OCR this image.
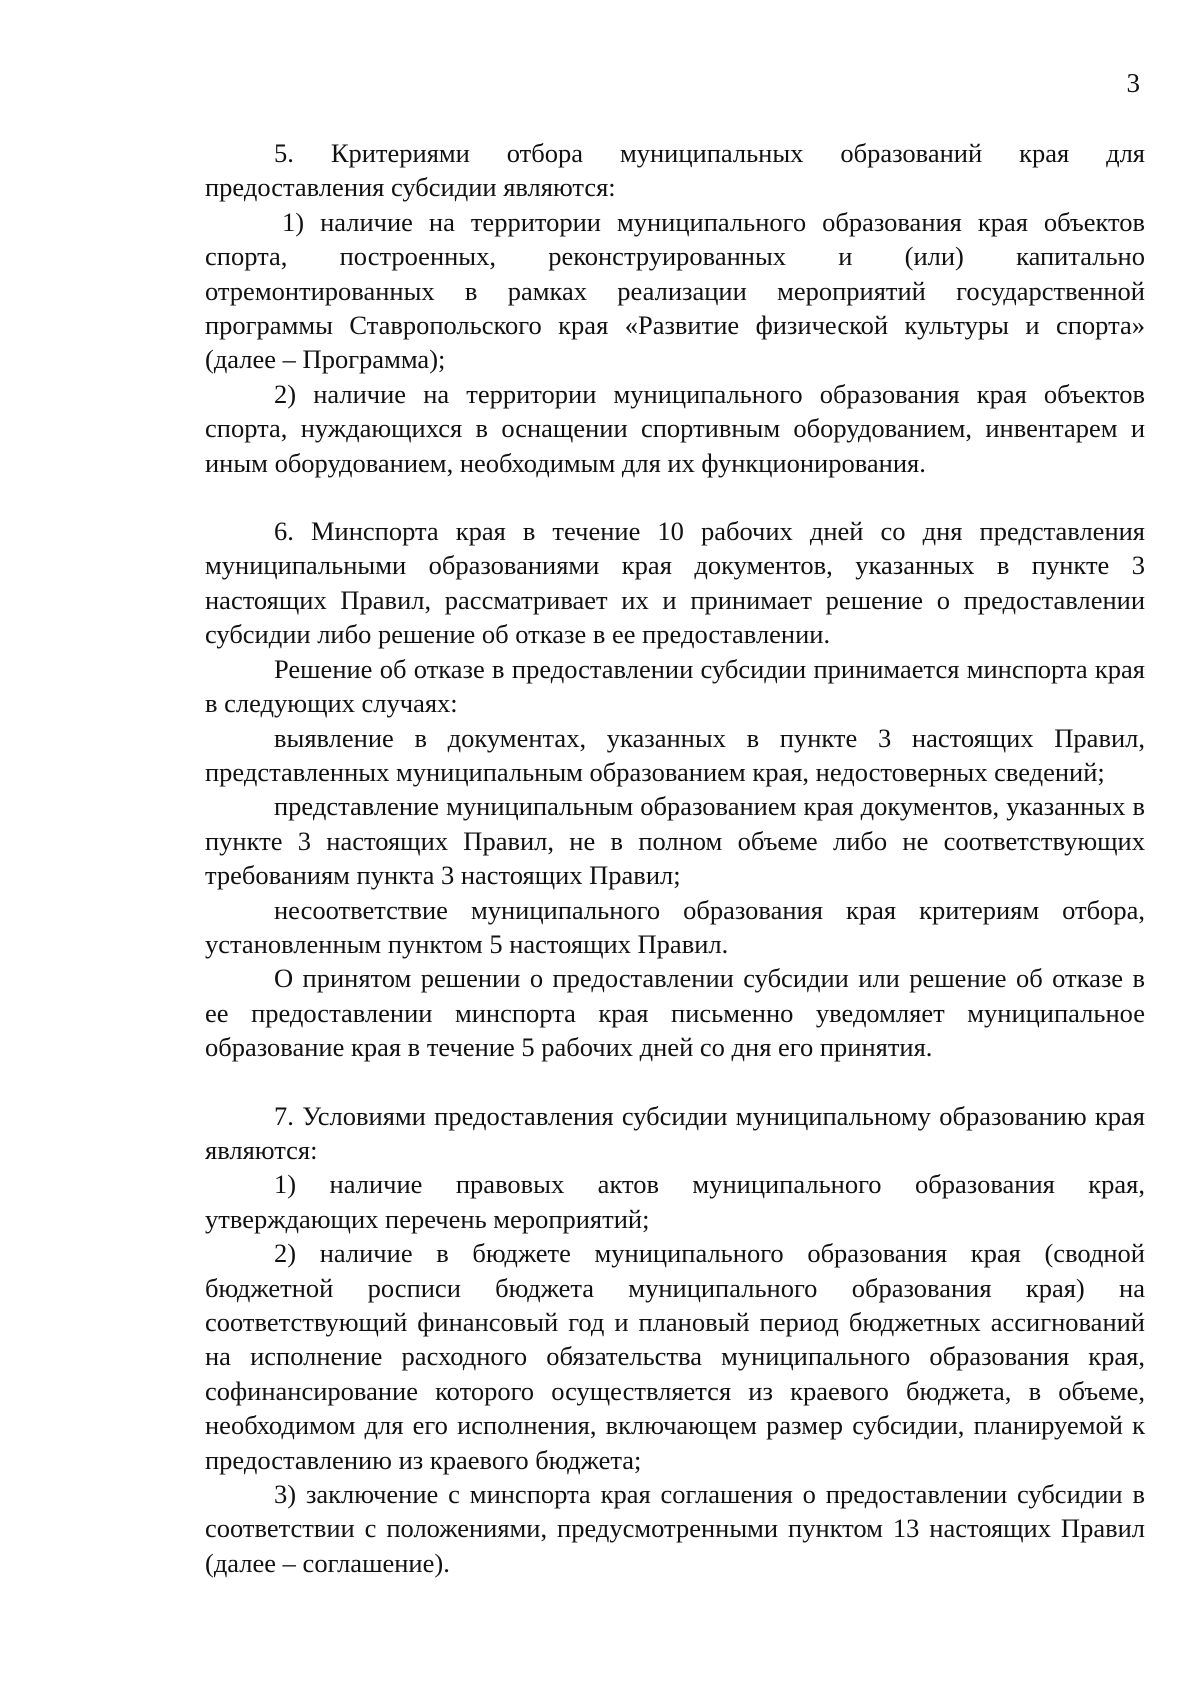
3

5. Критериями отбора муниципальных образований края для предоставления субсидии являются:

1) наличие на территории муниципального образования края объектов спорта, построенных, реконструированных и (или) капитально отремонтированных в рамках реализации мероприятий государственной программы Ставропольского края «Развитие физической культуры и спорта» (далее – Программа);

2) наличие на территории муниципального образования края объектов спорта, нуждающихся в оснащении спортивным оборудованием, инвентарем и иным оборудованием, необходимым для их функционирования.

6. Минспорта края в течение 10 рабочих дней со дня представления муниципальными образованиями края документов, указанных в пункте 3 настоящих Правил, рассматривает их и принимает решение о предоставлении субсидии либо решение об отказе в ее предоставлении.

Решение об отказе в предоставлении субсидии принимается минспорта края в следующих случаях:

выявление в документах, указанных в пункте 3 настоящих Правил, представленных муниципальным образованием края, недостоверных сведений;

представление муниципальным образованием края документов, указанных в пункте 3 настоящих Правил, не в полном объеме либо не соответствующих требованиям пункта 3 настоящих Правил;

несоответствие муниципального образования края критериям отбора, установленным пунктом 5 настоящих Правил.

О принятом решении о предоставлении субсидии или решение об отказе в ее предоставлении минспорта края письменно уведомляет муниципальное образование края в течение 5 рабочих дней со дня его принятия.

7. Условиями предоставления субсидии муниципальному образованию края являются:

1) наличие правовых актов муниципального образования края, утверждающих перечень мероприятий;

2) наличие в бюджете муниципального образования края (сводной бюджетной росписи бюджета муниципального образования края) на соответствующий финансовый год и плановый период бюджетных ассигнований на исполнение расходного обязательства муниципального образования края, софинансирование которого осуществляется из краевого бюджета, в объеме, необходимом для его исполнения, включающем размер субсидии, планируемой к предоставлению из краевого бюджета;

3) заключение с минспорта края соглашения о предоставлении субсидии в соответствии с положениями, предусмотренными пунктом 13 настоящих Правил (далее – соглашение).
